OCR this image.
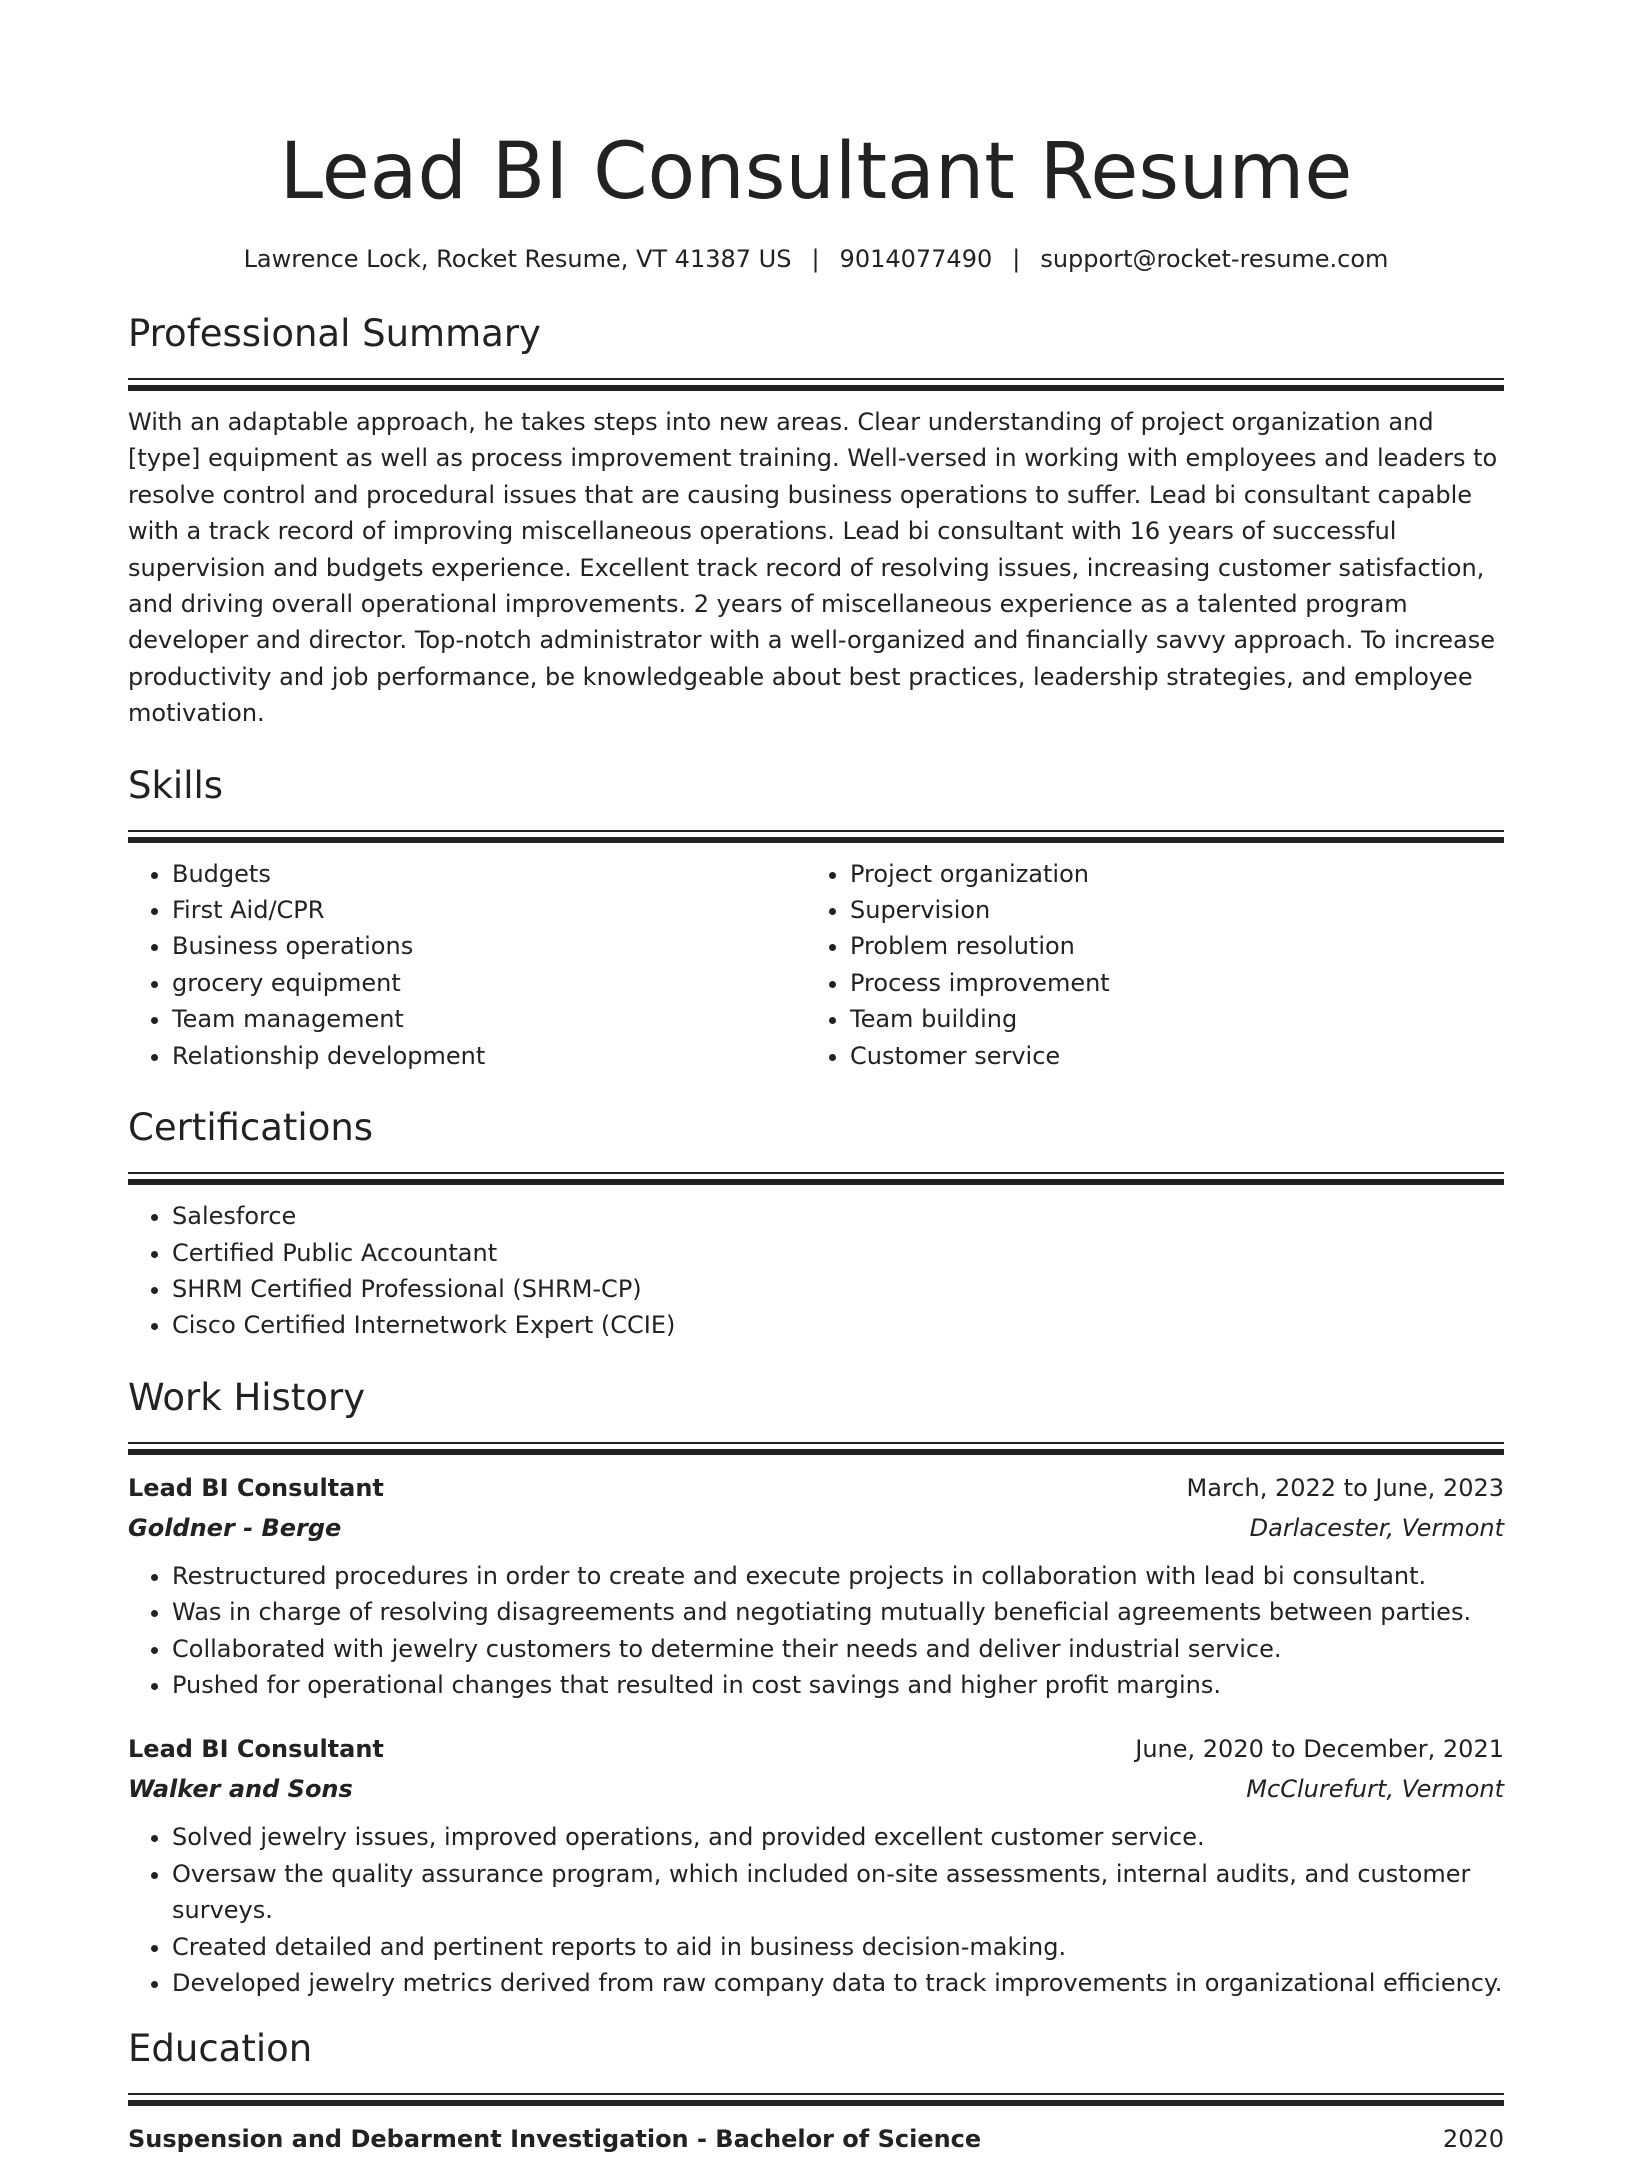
Lead BI Consultant Resume
Lawrence Lock, Rocket Resume, VT 41387 US | 9014077490 | support@rocket-resume.com
Professional Summary

With an adaptable approach, he takes steps into new areas. Clear understanding of project organization and [type] equipment as well as process improvement training. Well-versed in working with employees and leaders to resolve control and procedural issues that are causing business operations to suffer. Lead bi consultant capable with a track record of improving miscellaneous operations. Lead bi consultant with 16 years of successful supervision and budgets experience. Excellent track record of resolving issues, increasing customer satisfaction, and driving overall operational improvements. 2 years of miscellaneous experience as a talented program developer and director. Top-notch administrator with a well-organized and financially savvy approach. To increase productivity and job performance, be knowledgeable about best practices, leadership strategies, and employee motivation.

Skills
• Budgets
• First Aid/CPR
• Business operations
• grocery equipment
• Team management
• Relationship development
• Project organization
• Supervision
• Problem resolution
• Process improvement
• Team building
• Customer service
Certifications
• Salesforce
• Certified Public Accountant
• SHRM Certified Professional (SHRM-CP)
• Cisco Certified Internetwork Expert (CCIE)
Work History
Lead BI Consultant	March, 2022 to June, 2023
Goldner - Berge	Darlacester, Vermont
• Restructured procedures in order to create and execute projects in collaboration with lead bi consultant.
• Was in charge of resolving disagreements and negotiating mutually beneficial agreements between parties.
• Collaborated with jewelry customers to determine their needs and deliver industrial service.
• Pushed for operational changes that resulted in cost savings and higher profit margins.
Lead BI Consultant	June, 2020 to December, 2021
Walker and Sons	McClurefurt, Vermont
• Solved jewelry issues, improved operations, and provided excellent customer service.
• Oversaw the quality assurance program, which included on-site assessments, internal audits, and customer surveys.
• Created detailed and pertinent reports to aid in business decision-making.
• Developed jewelry metrics derived from raw company data to track improvements in organizational efficiency.
Education
Suspension and Debarment Investigation - Bachelor of Science	2020
